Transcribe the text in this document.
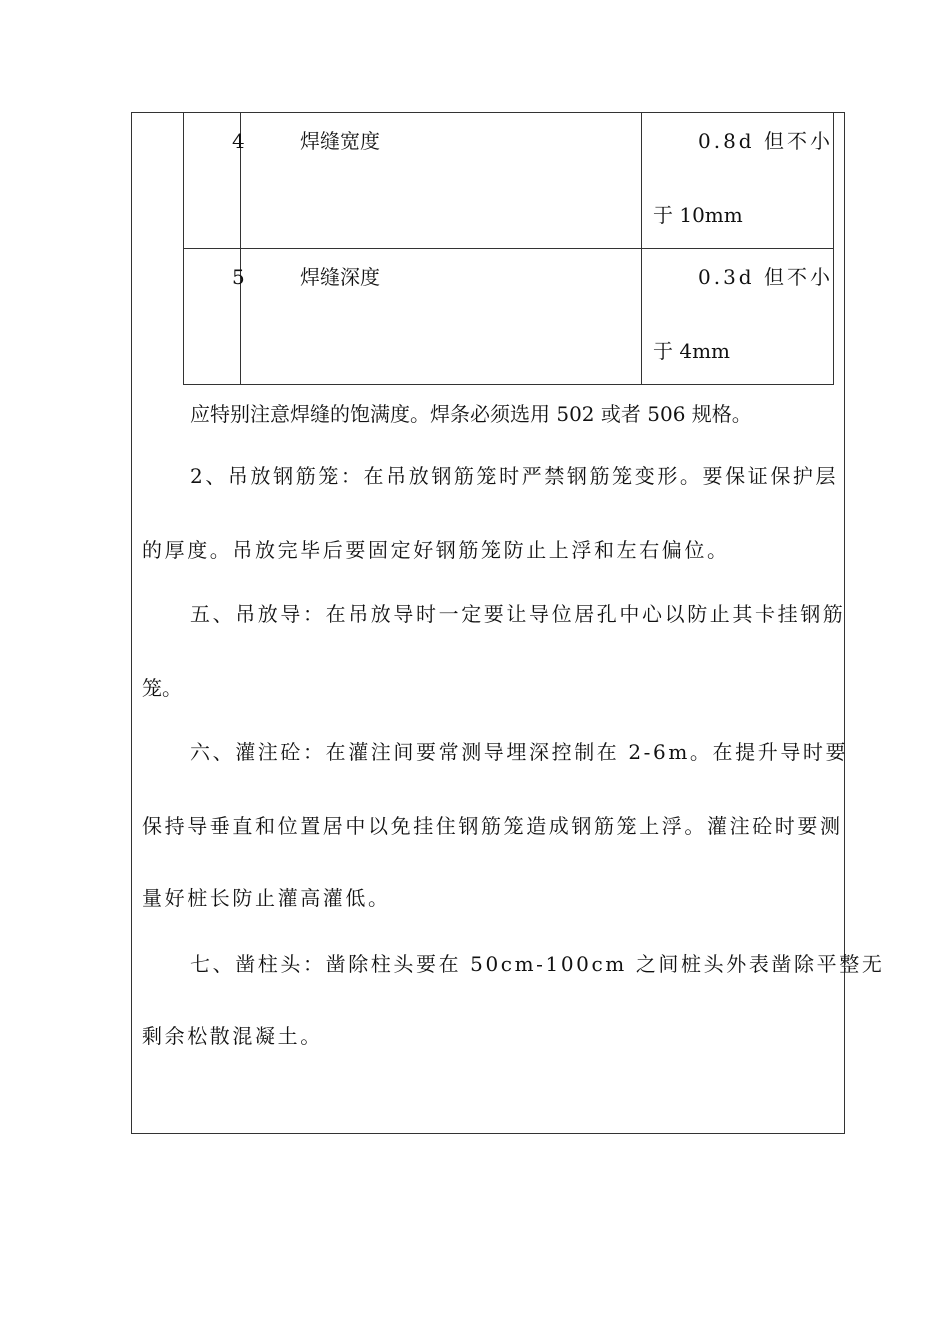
4	焊缝宽度	0.8d 但不小
于 10mm
5	焊缝深度	0.3d 但不小
于 4mm
应特别注意焊缝的饱满度。焊条必须选用 502 或者 506 规格。
2、吊放钢筋笼：在吊放钢筋笼时严禁钢筋笼变形。要保证保护层
的厚度。吊放完毕后要固定好钢筋笼防止上浮和左右偏位。
五、吊放导：在吊放导时一定要让导位居孔中心以防止其卡挂钢筋
笼。
六、灌注砼：在灌注间要常测导埋深控制在 2-6m。在提升导时要
保持导垂直和位置居中以免挂住钢筋笼造成钢筋笼上浮。灌注砼时要测
量好桩长防止灌高灌低。
七、凿柱头：凿除柱头要在 50cm-100cm 之间桩头外表凿除平整无
剩余松散混凝土。
